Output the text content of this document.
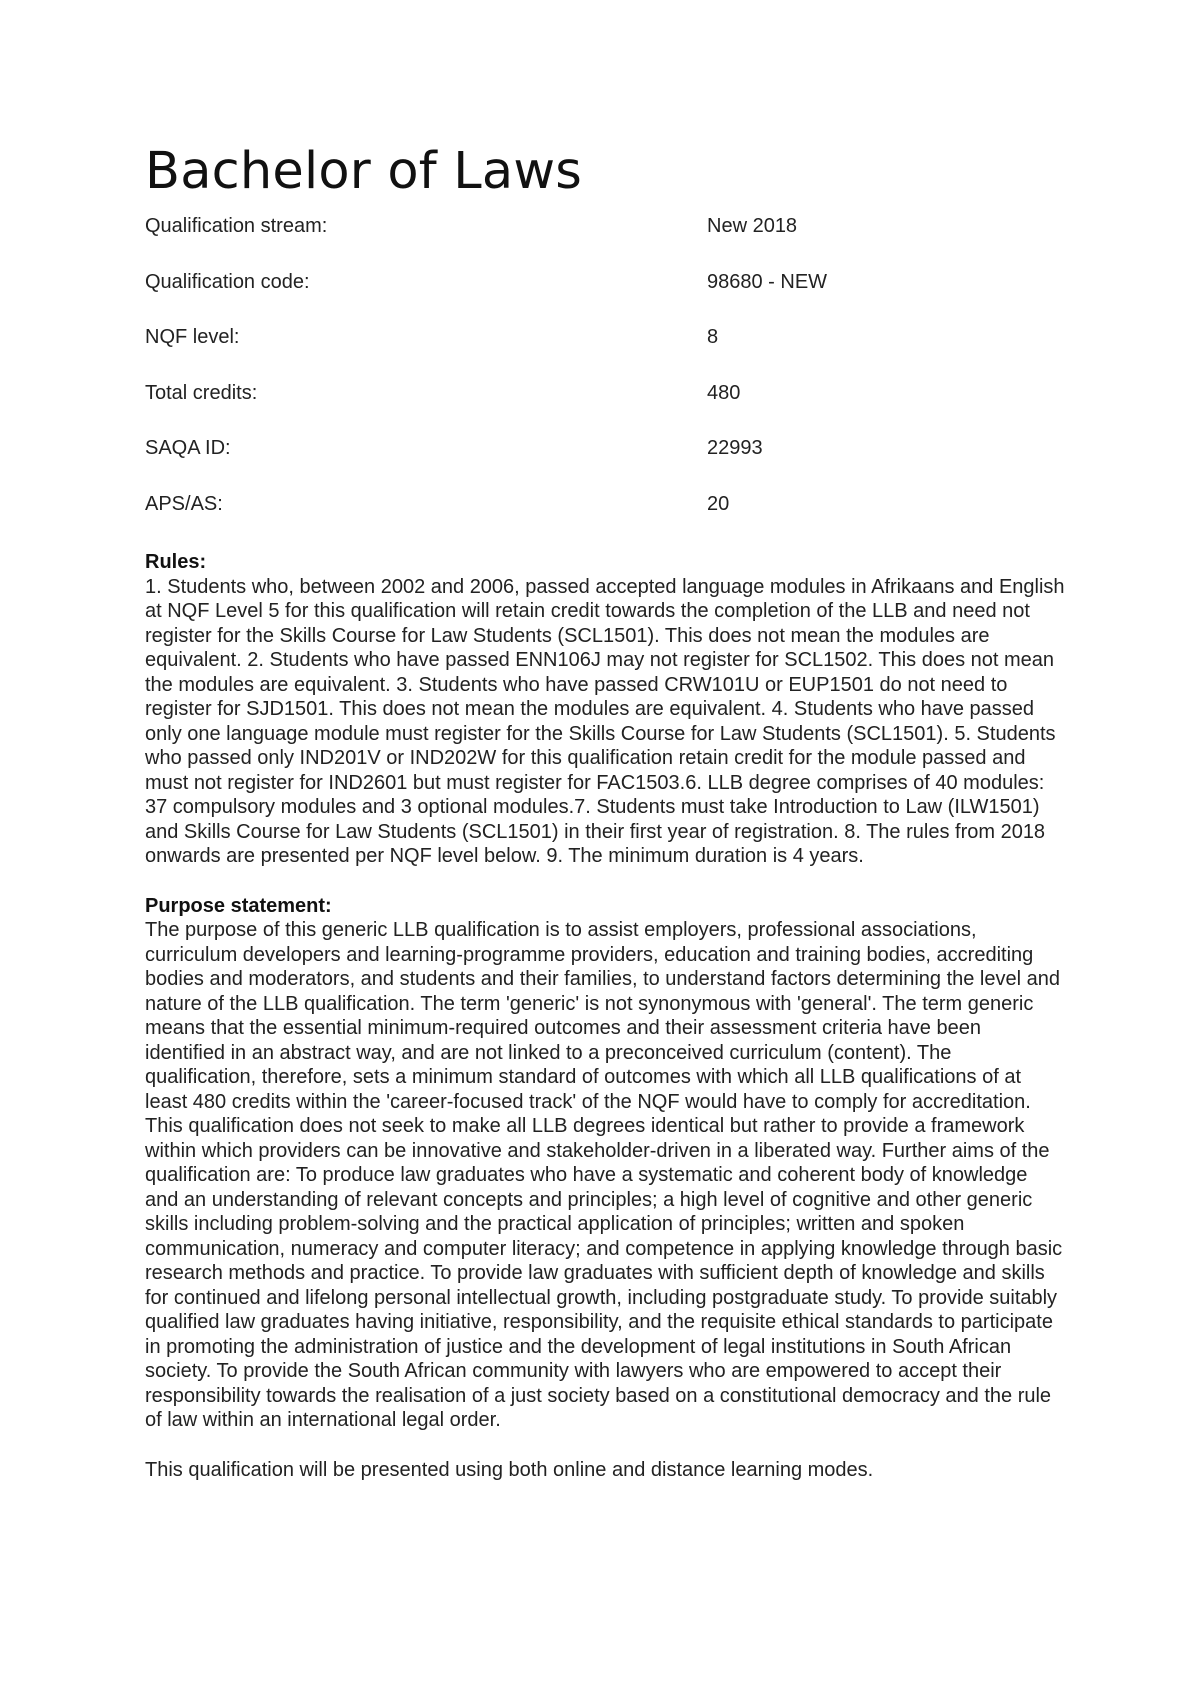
Bachelor of Laws
Qualification stream:	New 2018
Qualification code:	98680 - NEW
NQF level:	8
Total credits:	480
SAQA ID:	22993
APS/AS:	20
Rules:

1. Students who, between 2002 and 2006, passed accepted language modules in Afrikaans and English at NQF Level 5 for this qualification will retain credit towards the completion of the LLB and need not register for the Skills Course for Law Students (SCL1501). This does not mean the modules are equivalent. 2. Students who have passed ENN106J may not register for SCL1502. This does not mean the modules are equivalent. 3. Students who have passed CRW101U or EUP1501 do not need to register for SJD1501. This does not mean the modules are equivalent. 4. Students who have passed only one language module must register for the Skills Course for Law Students (SCL1501). 5. Students who passed only IND201V or IND202W for this qualification retain credit for the module passed and must not register for IND2601 but must register for FAC1503.6. LLB degree comprises of 40 modules: 37 compulsory modules and 3 optional modules.7. Students must take Introduction to Law (ILW1501) and Skills Course for Law Students (SCL1501) in their first year of registration. 8. The rules from 2018 onwards are presented per NQF level below. 9. The minimum duration is 4 years.

Purpose statement:

The purpose of this generic LLB qualification is to assist employers, professional associations, curriculum developers and learning-programme providers, education and training bodies, accrediting bodies and moderators, and students and their families, to understand factors determining the level and nature of the LLB qualification. The term 'generic' is not synonymous with 'general'. The term generic means that the essential minimum-required outcomes and their assessment criteria have been identified in an abstract way, and are not linked to a preconceived curriculum (content). The qualification, therefore, sets a minimum standard of outcomes with which all LLB qualifications of at least 480 credits within the 'career-focused track' of the NQF would have to comply for accreditation. This qualification does not seek to make all LLB degrees identical but rather to provide a framework within which providers can be innovative and stakeholder-driven in a liberated way. Further aims of the qualification are: To produce law graduates who have a systematic and coherent body of knowledge and an understanding of relevant concepts and principles; a high level of cognitive and other generic skills including problem-solving and the practical application of principles; written and spoken communication, numeracy and computer literacy; and competence in applying knowledge through basic research methods and practice. To provide law graduates with sufficient depth of knowledge and skills for continued and lifelong personal intellectual growth, including postgraduate study. To provide suitably qualified law graduates having initiative, responsibility, and the requisite ethical standards to participate in promoting the administration of justice and the development of legal institutions in South African society. To provide the South African community with lawyers who are empowered to accept their responsibility towards the realisation of a just society based on a constitutional democracy and the rule of law within an international legal order.

This qualification will be presented using both online and distance learning modes.
